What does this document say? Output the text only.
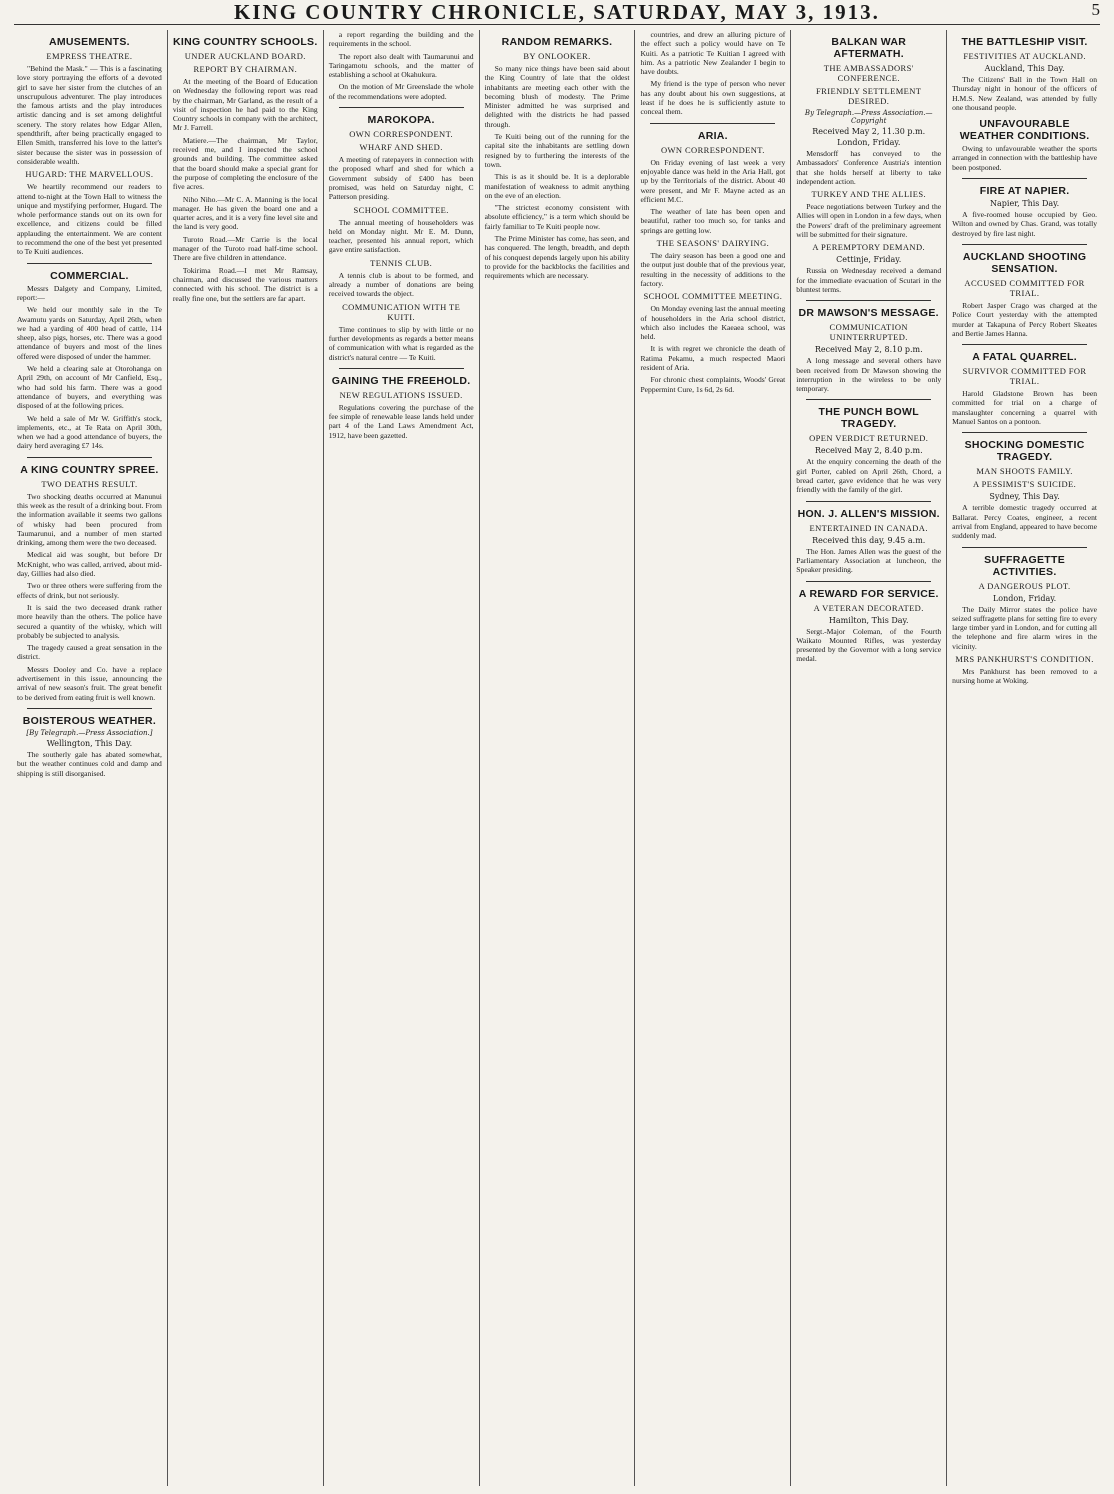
KING COUNTRY CHRONICLE, SATURDAY, MAY 3, 1913.	5
AMUSEMENTS.
EMPRESS THEATRE.

"Behind the Mask." — This is a fascinating love story portraying the efforts of a devoted girl to save her sister from the clutches of an unscrupulous adventurer. The play introduces the famous artists and the play introduces artistic dancing and is set among delightful scenery. The story relates how Edgar Allen, spendthrift, after being practically engaged to Ellen Smith, transferred his love to the latter's sister because the sister was in possession of considerable wealth.

HUGARD: THE MARVELLOUS.

We heartily recommend our readers to attend to-night at the Town Hall to witness the unique and mystifying performer, Hugard. The whole performance stands out on its own for excellence, and citizens could be filled applauding the entertainment. We are content to recommend the one of the best yet presented to Te Kuiti audiences.

COMMERCIAL.

Messrs Dalgety and Company, Limited, report:—

We held our monthly sale in the Te Awamutu yards on Saturday, April 26th, when we had a yarding of 400 head of cattle, 114 sheep, also pigs, horses, etc. There was a good attendance of buyers and most of the lines offered were disposed of under the hammer.

We held a clearing sale at Otorohanga on April 29th, on account of Mr Canfield, Esq., who had sold his farm. There was a good attendance of buyers, and everything was disposed of at the following prices.

We held a sale of Mr W. Griffith's stock, implements, etc., at Te Rata on April 30th, when we had a good attendance of buyers, the dairy herd averaging £7 14s.

A KING COUNTRY SPREE.
TWO DEATHS RESULT.

Two shocking deaths occurred at Manunui this week as the result of a drinking bout. From the information available it seems two gallons of whisky had been procured from Taumarunui, and a number of men started drinking, among them were the two deceased.

Medical aid was sought, but before Dr McKnight, who was called, arrived, about mid-day, Gillies had also died.

Two or three others were suffering from the effects of drink, but not seriously.

It is said the two deceased drank rather more heavily than the others. The police have secured a quantity of the whisky, which will probably be subjected to analysis.

The tragedy caused a great sensation in the district.

Messrs Dooley and Co. have a replace advertisement in this issue, announcing the arrival of new season's fruit. The great benefit to be derived from eating fruit is well known.

BOISTEROUS WEATHER.
[By Telegraph.—Press Association.]
Wellington, This Day.

The southerly gale has abated somewhat, but the weather continues cold and damp and shipping is still disorganised.

KING COUNTRY SCHOOLS.
UNDER AUCKLAND BOARD.
REPORT BY CHAIRMAN.

At the meeting of the Board of Education on Wednesday the following report was read by the chairman, Mr Garland, as the result of a visit of inspection he had paid to the King Country schools in company with the architect, Mr J. Farrell.

Matiere.—The chairman, Mr Taylor, received me, and I inspected the school grounds and building. The committee asked that the board should make a special grant for the purpose of completing the enclosure of the five acres.

Niho Niho.—Mr C. A. Manning is the local manager. He has given the board one and a quarter acres, and it is a very fine level site and the land is very good.

Turoto Road.—Mr Carrie is the local manager of the Turoto road half-time school. There are five children in attendance.

Tokirima Road.—I met Mr Ramsay, chairman, and discussed the various matters connected with his school. The district is a really fine one, but the settlers are far apart.

a report regarding the building and the requirements in the school.

The report also dealt with Taumarunui and Taringamotu schools, and the matter of establishing a school at Okahukura.

On the motion of Mr Greenslade the whole of the recommendations were adopted.

MAROKOPA.
OWN CORRESPONDENT.
WHARF AND SHED.

A meeting of ratepayers in connection with the proposed wharf and shed for which a Government subsidy of £400 has been promised, was held on Saturday night, C Patterson presiding.

SCHOOL COMMITTEE.

The annual meeting of householders was held on Monday night. Mr E. M. Dunn, teacher, presented his annual report, which gave entire satisfaction.

TENNIS CLUB.

A tennis club is about to be formed, and already a number of donations are being received towards the object.

COMMUNICATION WITH TE KUITI.

Time continues to slip by with little or no further developments as regards a better means of communication with what is regarded as the district's natural centre — Te Kuiti.

GAINING THE FREEHOLD.
NEW REGULATIONS ISSUED.

Regulations covering the purchase of the fee simple of renewable lease lands held under part 4 of the Land Laws Amendment Act, 1912, have been gazetted.

RANDOM REMARKS.
BY ONLOOKER.

So many nice things have been said about the King Country of late that the oldest inhabitants are meeting each other with the becoming blush of modesty. The Prime Minister admitted he was surprised and delighted with the districts he had passed through.

Te Kuiti being out of the running for the capital site the inhabitants are settling down resigned by to furthering the interests of the town.

This is as it should be. It is a deplorable manifestation of weakness to admit anything on the eve of an election.

"The strictest economy consistent with absolute efficiency," is a term which should be fairly familiar to Te Kuiti people now.

The Prime Minister has come, has seen, and has conquered. The length, breadth, and depth of his conquest depends largely upon his ability to provide for the backblocks the facilities and requirements which are necessary.

countries, and drew an alluring picture of the effect such a policy would have on Te Kuiti. As a patriotic Te Kuitian I agreed with him. As a patriotic New Zealander I begin to have doubts.

My friend is the type of person who never has any doubt about his own suggestions, at least if he does he is sufficiently astute to conceal them.

ARIA.
OWN CORRESPONDENT.

On Friday evening of last week a very enjoyable dance was held in the Aria Hall, got up by the Territorials of the district. About 40 were present, and Mr F. Mayne acted as an efficient M.C.

The weather of late has been open and beautiful, rather too much so, for tanks and springs are getting low.

THE SEASONS' DAIRYING.

The dairy season has been a good one and the output just double that of the previous year, resulting in the necessity of additions to the factory.

SCHOOL COMMITTEE MEETING.

On Monday evening last the annual meeting of householders in the Aria school district, which also includes the Kaeaea school, was held.

It is with regret we chronicle the death of Ratima Pekamu, a much respected Maori resident of Aria.

For chronic chest complaints, Woods' Great Peppermint Cure, 1s 6d, 2s 6d.

BALKAN WAR AFTERMATH.
THE AMBASSADORS' CONFERENCE.
FRIENDLY SETTLEMENT DESIRED.
By Telegraph.—Press Association.—Copyright
Received May 2, 11.30 p.m.
London, Friday.

Mensdorff has conveyed to the Ambassadors' Conference Austria's intention that she holds herself at liberty to take independent action.

TURKEY AND THE ALLIES.

Peace negotiations between Turkey and the Allies will open in London in a few days, when the Powers' draft of the preliminary agreement will be submitted for their signature.

A PEREMPTORY DEMAND.
Cettinje, Friday.

Russia on Wednesday received a demand for the immediate evacuation of Scutari in the bluntest terms.

DR MAWSON'S MESSAGE.
COMMUNICATION UNINTERRUPTED.
Received May 2, 8.10 p.m.

A long message and several others have been received from Dr Mawson showing the interruption in the wireless to be only temporary.

THE PUNCH BOWL TRAGEDY.
OPEN VERDICT RETURNED.
Received May 2, 8.40 p.m.

At the enquiry concerning the death of the girl Porter, cabled on April 26th, Chord, a bread carter, gave evidence that he was very friendly with the family of the girl.

HON. J. ALLEN'S MISSION.
ENTERTAINED IN CANADA.
Received this day, 9.45 a.m.

The Hon. James Allen was the guest of the Parliamentary Association at luncheon, the Speaker presiding.

A REWARD FOR SERVICE.
A VETERAN DECORATED.
Hamilton, This Day.

Sergt.-Major Coleman, of the Fourth Waikato Mounted Rifles, was yesterday presented by the Governor with a long service medal.

THE BATTLESHIP VISIT.
FESTIVITIES AT AUCKLAND.
Auckland, This Day.

The Citizens' Ball in the Town Hall on Thursday night in honour of the officers of H.M.S. New Zealand, was attended by fully one thousand people.

UNFAVOURABLE WEATHER CONDITIONS.

Owing to unfavourable weather the sports arranged in connection with the battleship have been postponed.

FIRE AT NAPIER.
Napier, This Day.

A five-roomed house occupied by Geo. Wilton and owned by Chas. Grand, was totally destroyed by fire last night.

AUCKLAND SHOOTING SENSATION.
ACCUSED COMMITTED FOR TRIAL.

Robert Jasper Crago was charged at the Police Court yesterday with the attempted murder at Takapuna of Percy Robert Skeates and Bertie James Hanna.

A FATAL QUARREL.
SURVIVOR COMMITTED FOR TRIAL.

Harold Gladstone Brown has been committed for trial on a charge of manslaughter concerning a quarrel with Manuel Santos on a pontoon.

SHOCKING DOMESTIC TRAGEDY.
MAN SHOOTS FAMILY.
A PESSIMIST'S SUICIDE.
Sydney, This Day.

A terrible domestic tragedy occurred at Ballarat. Percy Coates, engineer, a recent arrival from England, appeared to have become suddenly mad.

SUFFRAGETTE ACTIVITIES.
A DANGEROUS PLOT.
London, Friday.

The Daily Mirror states the police have seized suffragette plans for setting fire to every large timber yard in London, and for cutting all the telephone and fire alarm wires in the vicinity.

MRS PANKHURST'S CONDITION.

Mrs Pankhurst has been removed to a nursing home at Woking.
